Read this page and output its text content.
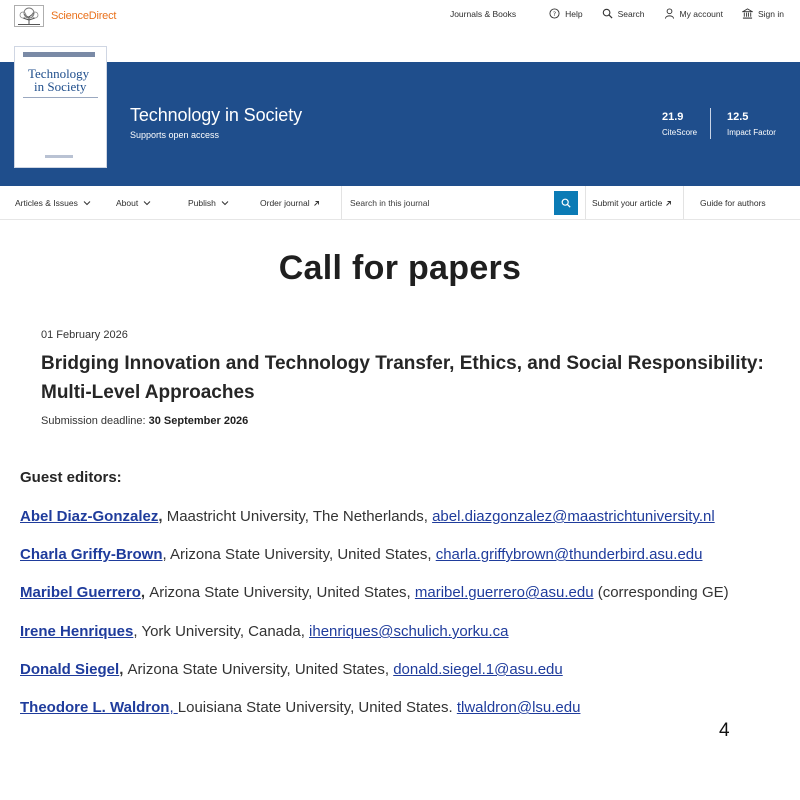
ScienceDirect	Journals & Books	? Help	Search	My account	Sign in
Technology in Society
Supports open access
21.9
CiteScore
12.5
Impact Factor
Technology
in Society
Articles & Issues	About	Publish	Order journal
Search in this journal	Submit your article	Guide for authors
Call for papers
01 February 2026
Bridging Innovation and Technology Transfer, Ethics, and Social Responsibility: Multi-Level Approaches
Submission deadline: 30 September 2026
Guest editors:
Abel Diaz-Gonzalez, Maastricht University, The Netherlands, abel.diazgonzalez@maastrichtuniversity.nl
Charla Griffy-Brown, Arizona State University, United States, charla.griffybrown@thunderbird.asu.edu
Maribel Guerrero, Arizona State University, United States, maribel.guerrero@asu.edu (corresponding GE)
Irene Henriques, York University, Canada, ihenriques@schulich.yorku.ca
Donald Siegel, Arizona State University, United States, donald.siegel.1@asu.edu
Theodore L. Waldron, Louisiana State University, United States. tlwaldron@lsu.edu
4
